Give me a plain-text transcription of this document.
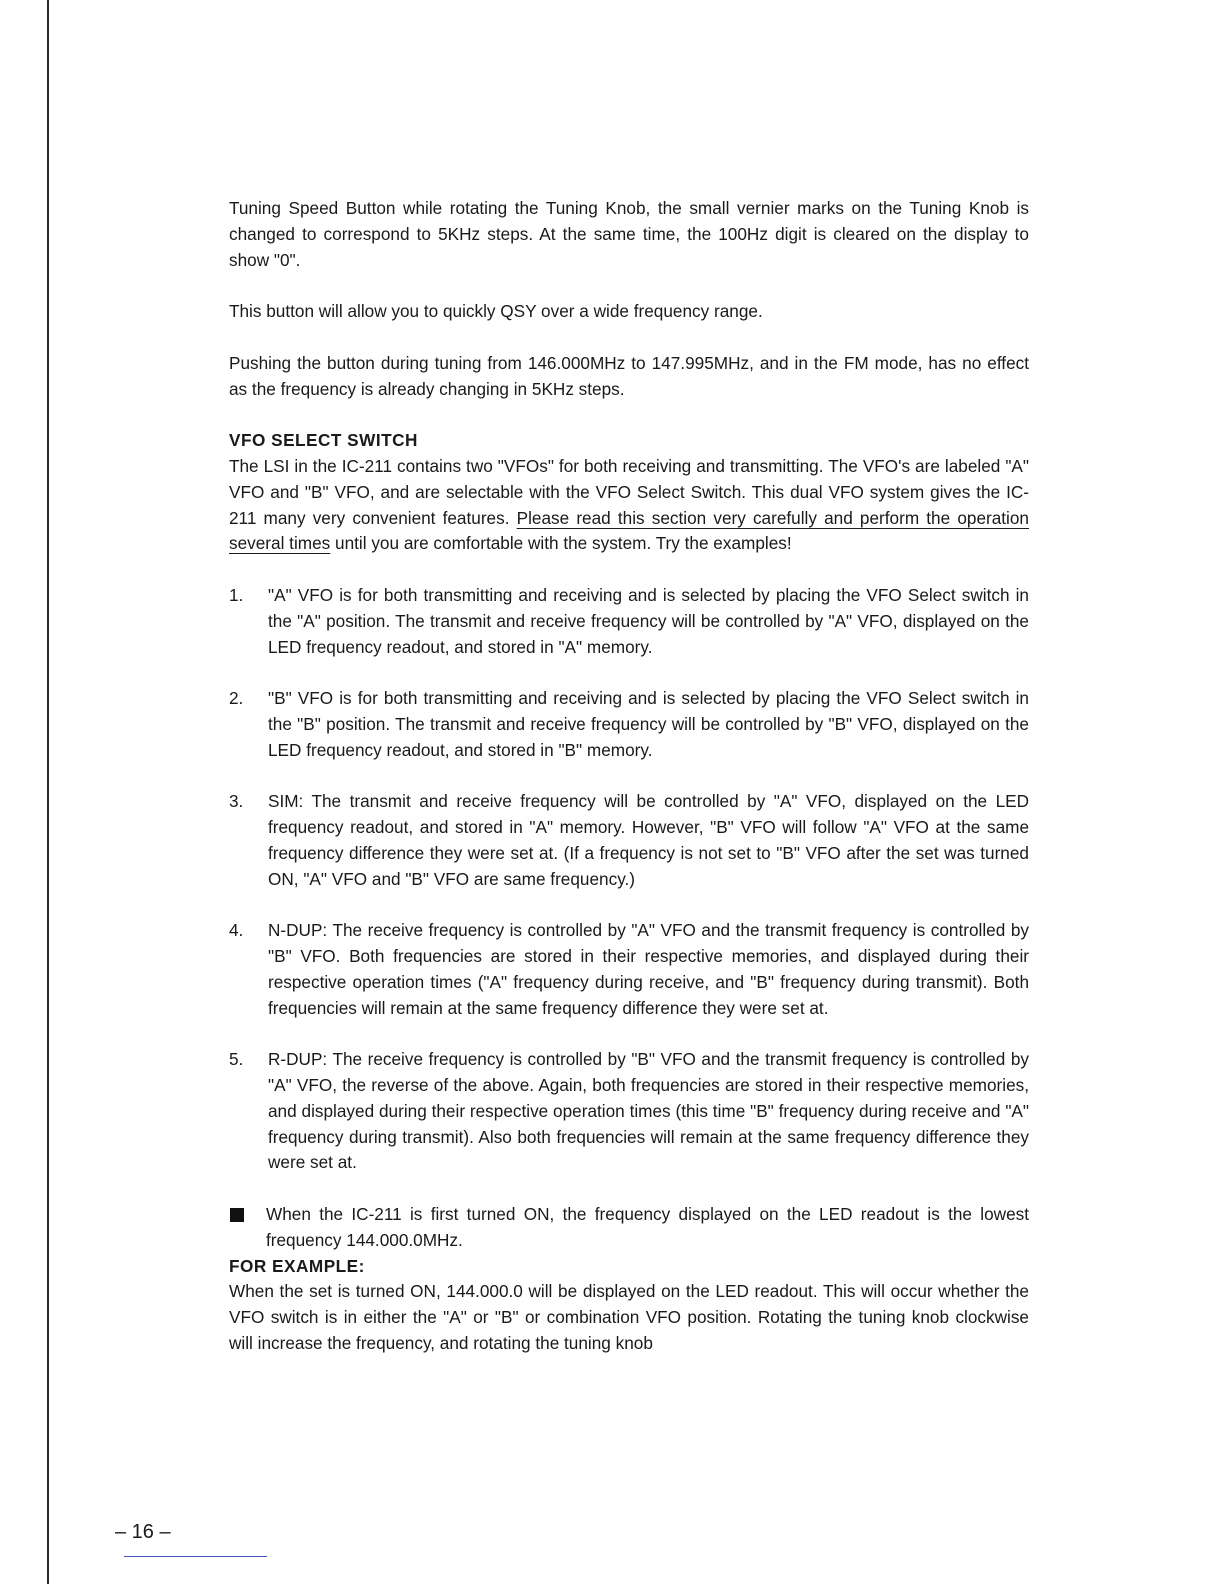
Tuning Speed Button while rotating the Tuning Knob, the small vernier marks on the Tuning Knob is changed to correspond to 5KHz steps. At the same time, the 100Hz digit is cleared on the display to show "0".

This button will allow you to quickly QSY over a wide frequency range.

Pushing the button during tuning from 146.000MHz to 147.995MHz, and in the FM mode, has no effect as the frequency is already changing in 5KHz steps.

VFO SELECT SWITCH

The LSI in the IC-211 contains two "VFOs" for both receiving and transmitting. The VFO's are labeled "A" VFO and "B" VFO, and are selectable with the VFO Select Switch. This dual VFO system gives the IC-211 many very convenient features. Please read this section very carefully and perform the operation several times until you are comfortable with the system. Try the examples!

1. "A" VFO is for both transmitting and receiving and is selected by placing the VFO Select switch in the "A" position. The transmit and receive frequency will be controlled by "A" VFO, displayed on the LED frequency readout, and stored in "A" memory.
2. "B" VFO is for both transmitting and receiving and is selected by placing the VFO Select switch in the "B" position. The transmit and receive frequency will be controlled by "B" VFO, displayed on the LED frequency readout, and stored in "B" memory.
3. SIM: The transmit and receive frequency will be controlled by "A" VFO, displayed on the LED frequency readout, and stored in "A" memory. However, "B" VFO will follow "A" VFO at the same frequency difference they were set at. (If a frequency is not set to "B" VFO after the set was turned ON, "A" VFO and "B" VFO are same frequency.)
4. N-DUP: The receive frequency is controlled by "A" VFO and the transmit frequency is controlled by "B" VFO. Both frequencies are stored in their respective memories, and displayed during their respective operation times ("A" frequency during receive, and "B" frequency during transmit). Both frequencies will remain at the same frequency difference they were set at.
5. R-DUP: The receive frequency is controlled by "B" VFO and the transmit frequency is controlled by "A" VFO, the reverse of the above. Again, both frequencies are stored in their respective memories, and displayed during their respective operation times (this time "B" frequency during receive and "A" frequency during transmit). Also both frequencies will remain at the same frequency difference they were set at.

When the IC-211 is first turned ON, the frequency displayed on the LED readout is the lowest frequency 144.000.0MHz.

FOR EXAMPLE:

When the set is turned ON, 144.000.0 will be displayed on the LED readout. This will occur whether the VFO switch is in either the "A" or "B" or combination VFO position. Rotating the tuning knob clockwise will increase the frequency, and rotating the tuning knob

– 16 –
